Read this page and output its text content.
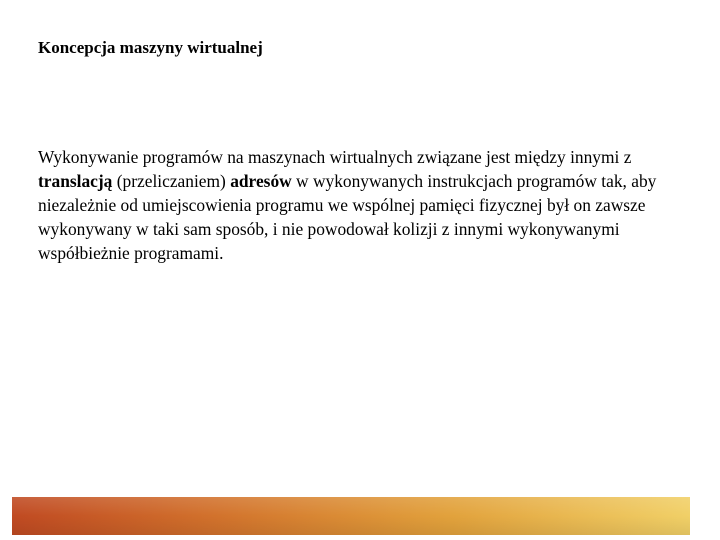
Koncepcja maszyny wirtualnej
Wykonywanie programów na maszynach wirtualnych związane jest między innymi z translacją (przeliczaniem) adresów w wykonywanych instrukcjach programów tak, aby niezależnie od umiejscowienia programu we wspólnej pamięci fizycznej był on zawsze wykonywany w taki sam sposób, i nie powodował kolizji z innymi wykonywanymi współbieżnie programami.
